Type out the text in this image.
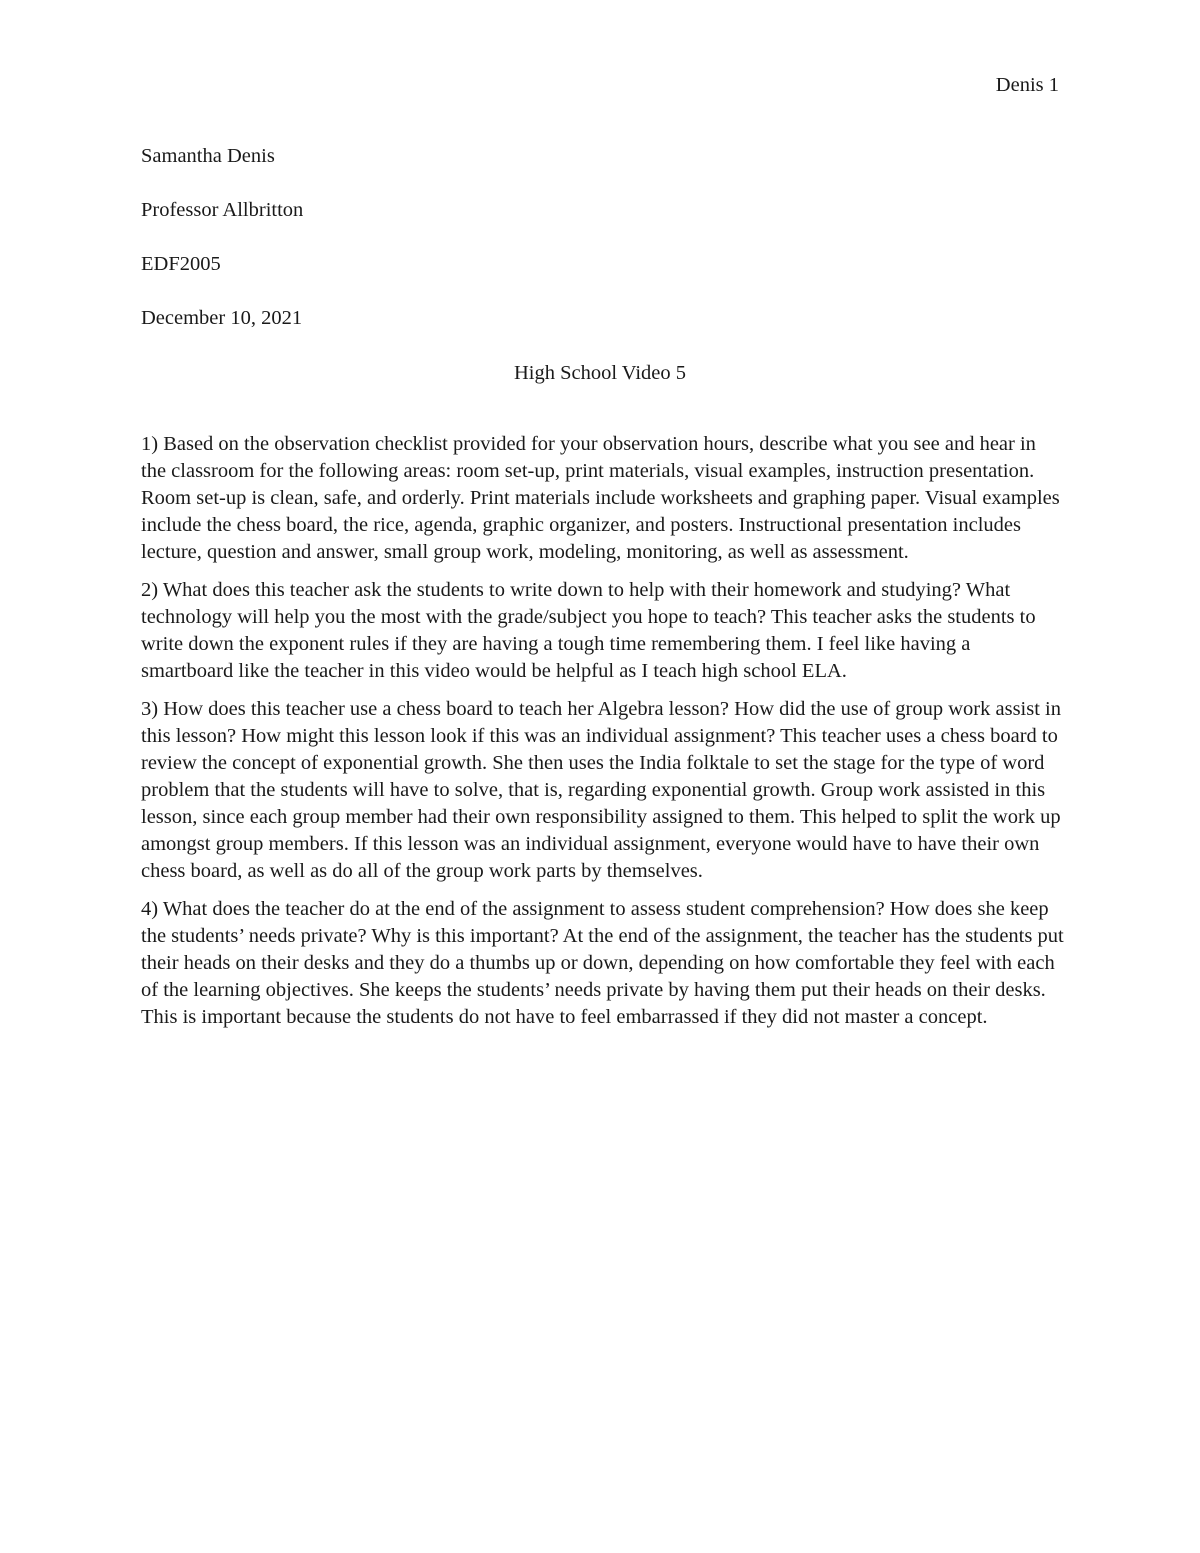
Denis 1
Samantha Denis
Professor Allbritton
EDF2005
December 10, 2021
High School Video 5

1) Based on the observation checklist provided for your observation hours, describe what you see and hear in the classroom for the following areas: room set-up, print materials, visual examples, instruction presentation. Room set-up is clean, safe, and orderly. Print materials include worksheets and graphing paper. Visual examples include the chess board, the rice, agenda, graphic organizer, and posters. Instructional presentation includes lecture, question and answer, small group work, modeling, monitoring, as well as assessment.

2) What does this teacher ask the students to write down to help with their homework and studying? What technology will help you the most with the grade/subject you hope to teach? This teacher asks the students to write down the exponent rules if they are having a tough time remembering them. I feel like having a smartboard like the teacher in this video would be helpful as I teach high school ELA.

3) How does this teacher use a chess board to teach her Algebra lesson? How did the use of group work assist in this lesson? How might this lesson look if this was an individual assignment? This teacher uses a chess board to review the concept of exponential growth. She then uses the India folktale to set the stage for the type of word problem that the students will have to solve, that is, regarding exponential growth. Group work assisted in this lesson, since each group member had their own responsibility assigned to them. This helped to split the work up amongst group members. If this lesson was an individual assignment, everyone would have to have their own chess board, as well as do all of the group work parts by themselves.

4) What does the teacher do at the end of the assignment to assess student comprehension? How does she keep the students’ needs private? Why is this important? At the end of the assignment, the teacher has the students put their heads on their desks and they do a thumbs up or down, depending on how comfortable they feel with each of the learning objectives. She keeps the students’ needs private by having them put their heads on their desks. This is important because the students do not have to feel embarrassed if they did not master a concept.
